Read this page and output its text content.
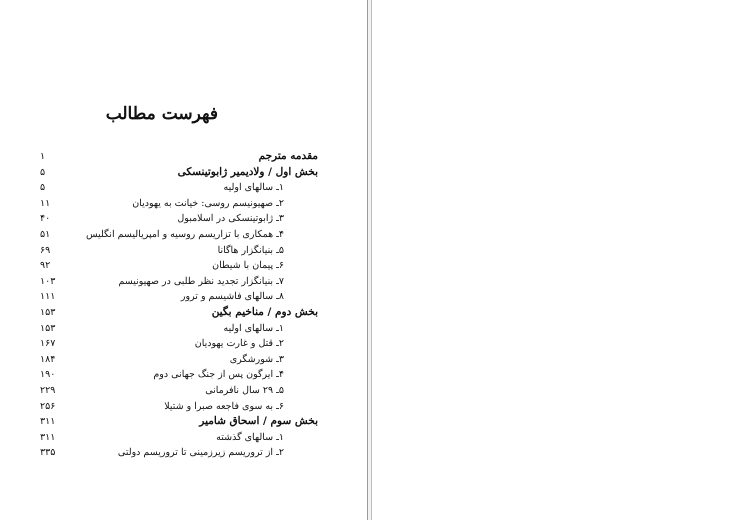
فهرست مطالب
مقدمه مترجم
۱
بخش اول / ولادیمیر ژابوتینسکی
۵
۱ـ سالهای اولیه
۵
۲ـ صهیونیسم روسی: خیانت به یهودیان
۱۱
۳ـ ژابوتینسکی در اسلامبول
۴۰
۴ـ همکاری با تزاریسم روسیه و امپریالیسم انگلیس
۵۱
۵ـ بنیانگزار هاگانا
۶۹
۶ـ پیمان با شیطان
۹۲
۷ـ بنیانگزار تجدید نظر طلبی در صهیونیسم
۱۰۳
۸ـ سالهای فاشیسم و ترور
۱۱۱
بخش دوم / مناخیم بگین
۱۵۳
۱ـ سالهای اولیه
۱۵۳
۲ـ قتل و غارت یهودیان
۱۶۷
۳ـ شورشگری
۱۸۴
۴ـ ایرگون پس از جنگ جهانی دوم
۱۹۰
۵ـ ۲۹ سال نافرمانی
۲۲۹
۶ـ به سوی فاجعه صبرا و شتیلا
۲۵۶
بخش سوم / اسحاق شامیر
۳۱۱
۱ـ سالهای گذشته
۳۱۱
۲ـ از تروریسم زیرزمینی تا تروریسم دولتی
۳۳۵
